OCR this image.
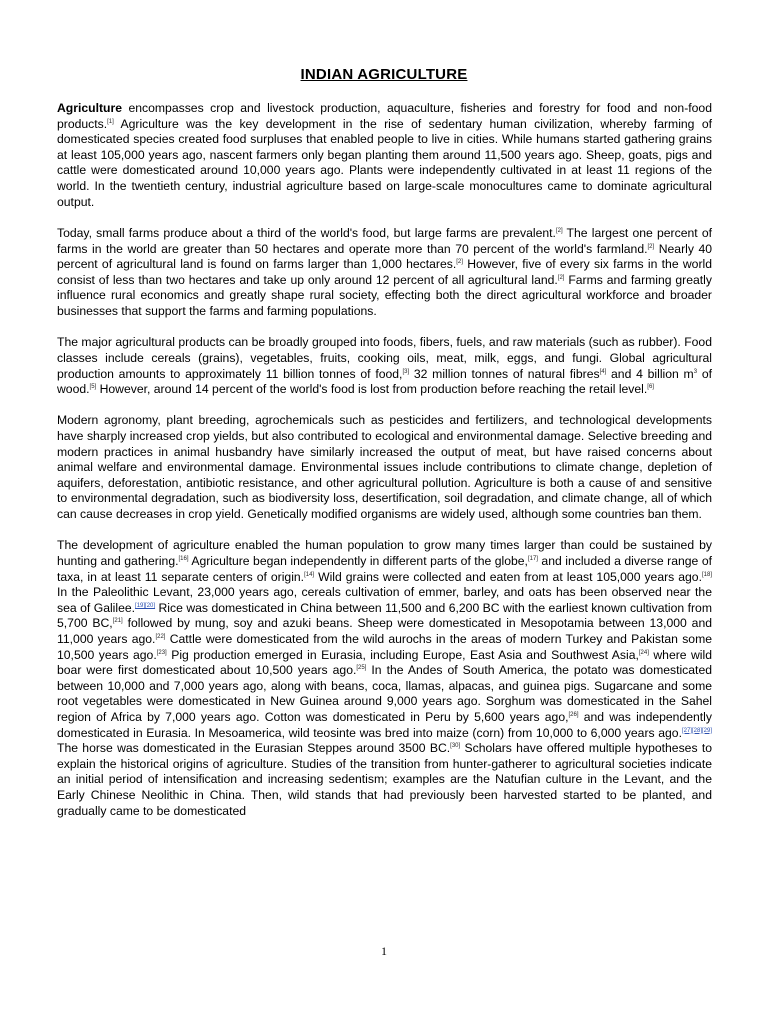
INDIAN AGRICULTURE

Agriculture encompasses crop and livestock production, aquaculture, fisheries and forestry for food and non-food products.[1] Agriculture was the key development in the rise of sedentary human civilization, whereby farming of domesticated species created food surpluses that enabled people to live in cities. While humans started gathering grains at least 105,000 years ago, nascent farmers only began planting them around 11,500 years ago. Sheep, goats, pigs and cattle were domesticated around 10,000 years ago. Plants were independently cultivated in at least 11 regions of the world. In the twentieth century, industrial agriculture based on large-scale monocultures came to dominate agricultural output.

Today, small farms produce about a third of the world's food, but large farms are prevalent.[2] The largest one percent of farms in the world are greater than 50 hectares and operate more than 70 percent of the world's farmland.[2] Nearly 40 percent of agricultural land is found on farms larger than 1,000 hectares.[2] However, five of every six farms in the world consist of less than two hectares and take up only around 12 percent of all agricultural land.[2] Farms and farming greatly influence rural economics and greatly shape rural society, effecting both the direct agricultural workforce and broader businesses that support the farms and farming populations.

The major agricultural products can be broadly grouped into foods, fibers, fuels, and raw materials (such as rubber). Food classes include cereals (grains), vegetables, fruits, cooking oils, meat, milk, eggs, and fungi. Global agricultural production amounts to approximately 11 billion tonnes of food,[3] 32 million tonnes of natural fibres[4] and 4 billion $m^3$ of wood.[5] However, around 14 percent of the world's food is lost from production before reaching the retail level.[6]

Modern agronomy, plant breeding, agrochemicals such as pesticides and fertilizers, and technological developments have sharply increased crop yields, but also contributed to ecological and environmental damage. Selective breeding and modern practices in animal husbandry have similarly increased the output of meat, but have raised concerns about animal welfare and environmental damage. Environmental issues include contributions to climate change, depletion of aquifers, deforestation, antibiotic resistance, and other agricultural pollution. Agriculture is both a cause of and sensitive to environmental degradation, such as biodiversity loss, desertification, soil degradation, and climate change, all of which can cause decreases in crop yield. Genetically modified organisms are widely used, although some countries ban them.

The development of agriculture enabled the human population to grow many times larger than could be sustained by hunting and gathering.[16] Agriculture began independently in different parts of the globe,[17] and included a diverse range of taxa, in at least 11 separate centers of origin.[14] Wild grains were collected and eaten from at least 105,000 years ago.[18] In the Paleolithic Levant, 23,000 years ago, cereals cultivation of emmer, barley, and oats has been observed near the sea of Galilee.[19][20] Rice was domesticated in China between 11,500 and 6,200 BC with the earliest known cultivation from 5,700 BC,[21] followed by mung, soy and azuki beans. Sheep were domesticated in Mesopotamia between 13,000 and 11,000 years ago.[22] Cattle were domesticated from the wild aurochs in the areas of modern Turkey and Pakistan some 10,500 years ago.[23] Pig production emerged in Eurasia, including Europe, East Asia and Southwest Asia,[24] where wild boar were first domesticated about 10,500 years ago.[25] In the Andes of South America, the potato was domesticated between 10,000 and 7,000 years ago, along with beans, coca, llamas, alpacas, and guinea pigs. Sugarcane and some root vegetables were domesticated in New Guinea around 9,000 years ago. Sorghum was domesticated in the Sahel region of Africa by 7,000 years ago. Cotton was domesticated in Peru by 5,600 years ago,[26] and was independently domesticated in Eurasia. In Mesoamerica, wild teosinte was bred into maize (corn) from 10,000 to 6,000 years ago.[27][28][29] The horse was domesticated in the Eurasian Steppes around 3500 BC.[30] Scholars have offered multiple hypotheses to explain the historical origins of agriculture. Studies of the transition from hunter-gatherer to agricultural societies indicate an initial period of intensification and increasing sedentism; examples are the Natufian culture in the Levant, and the Early Chinese Neolithic in China. Then, wild stands that had previously been harvested started to be planted, and gradually came to be domesticated

1
